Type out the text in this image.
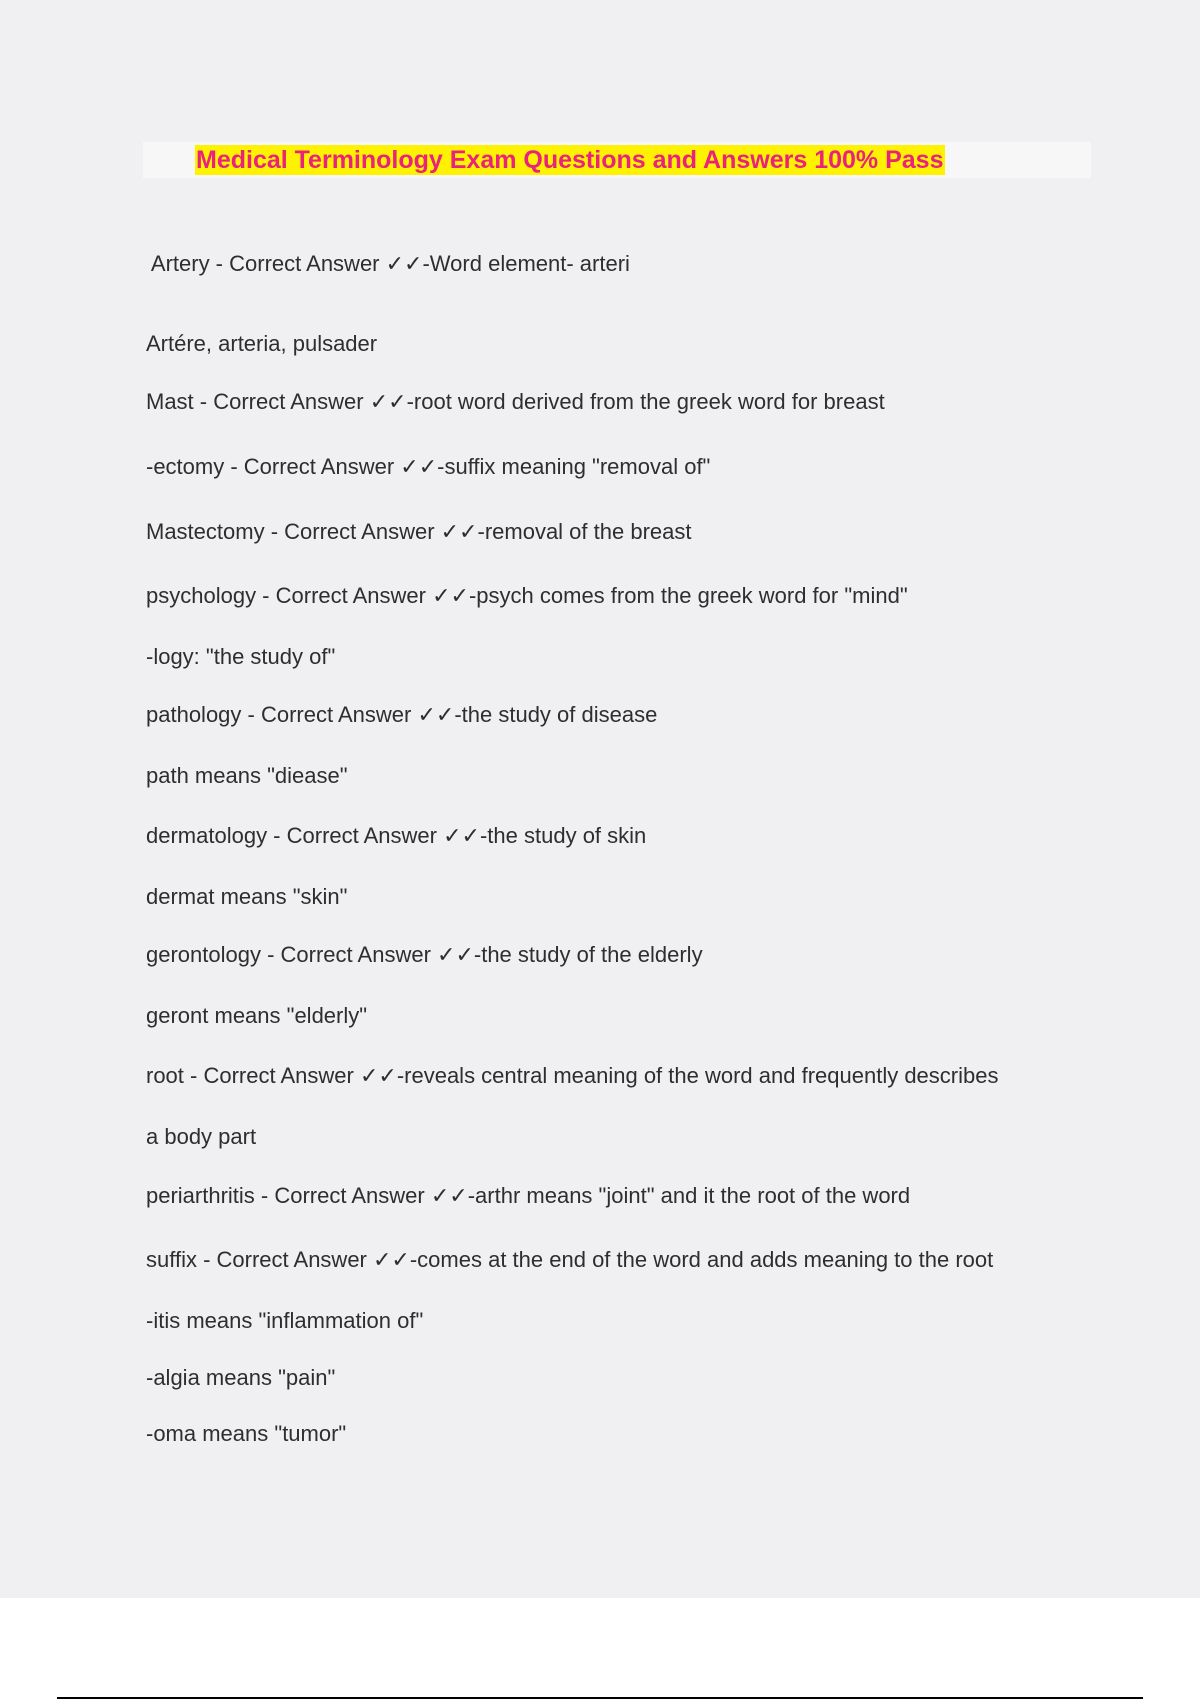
Medical Terminology Exam Questions and Answers 100% Pass

Artery - Correct Answer ✓✓-Word element- arteri

Artére, arteria, pulsader

Mast - Correct Answer ✓✓-root word derived from the greek word for breast

-ectomy - Correct Answer ✓✓-suffix meaning "removal of"

Mastectomy - Correct Answer ✓✓-removal of the breast

psychology - Correct Answer ✓✓-psych comes from the greek word for "mind"

-logy: "the study of"

pathology - Correct Answer ✓✓-the study of disease

path means "diease"

dermatology - Correct Answer ✓✓-the study of skin

dermat means "skin"

gerontology - Correct Answer ✓✓-the study of the elderly

geront means "elderly"

root - Correct Answer ✓✓-reveals central meaning of the word and frequently describes

a body part

periarthritis - Correct Answer ✓✓-arthr means "joint" and it the root of the word

suffix - Correct Answer ✓✓-comes at the end of the word and adds meaning to the root

-itis means "inflammation of"

-algia means "pain"

-oma means "tumor"
